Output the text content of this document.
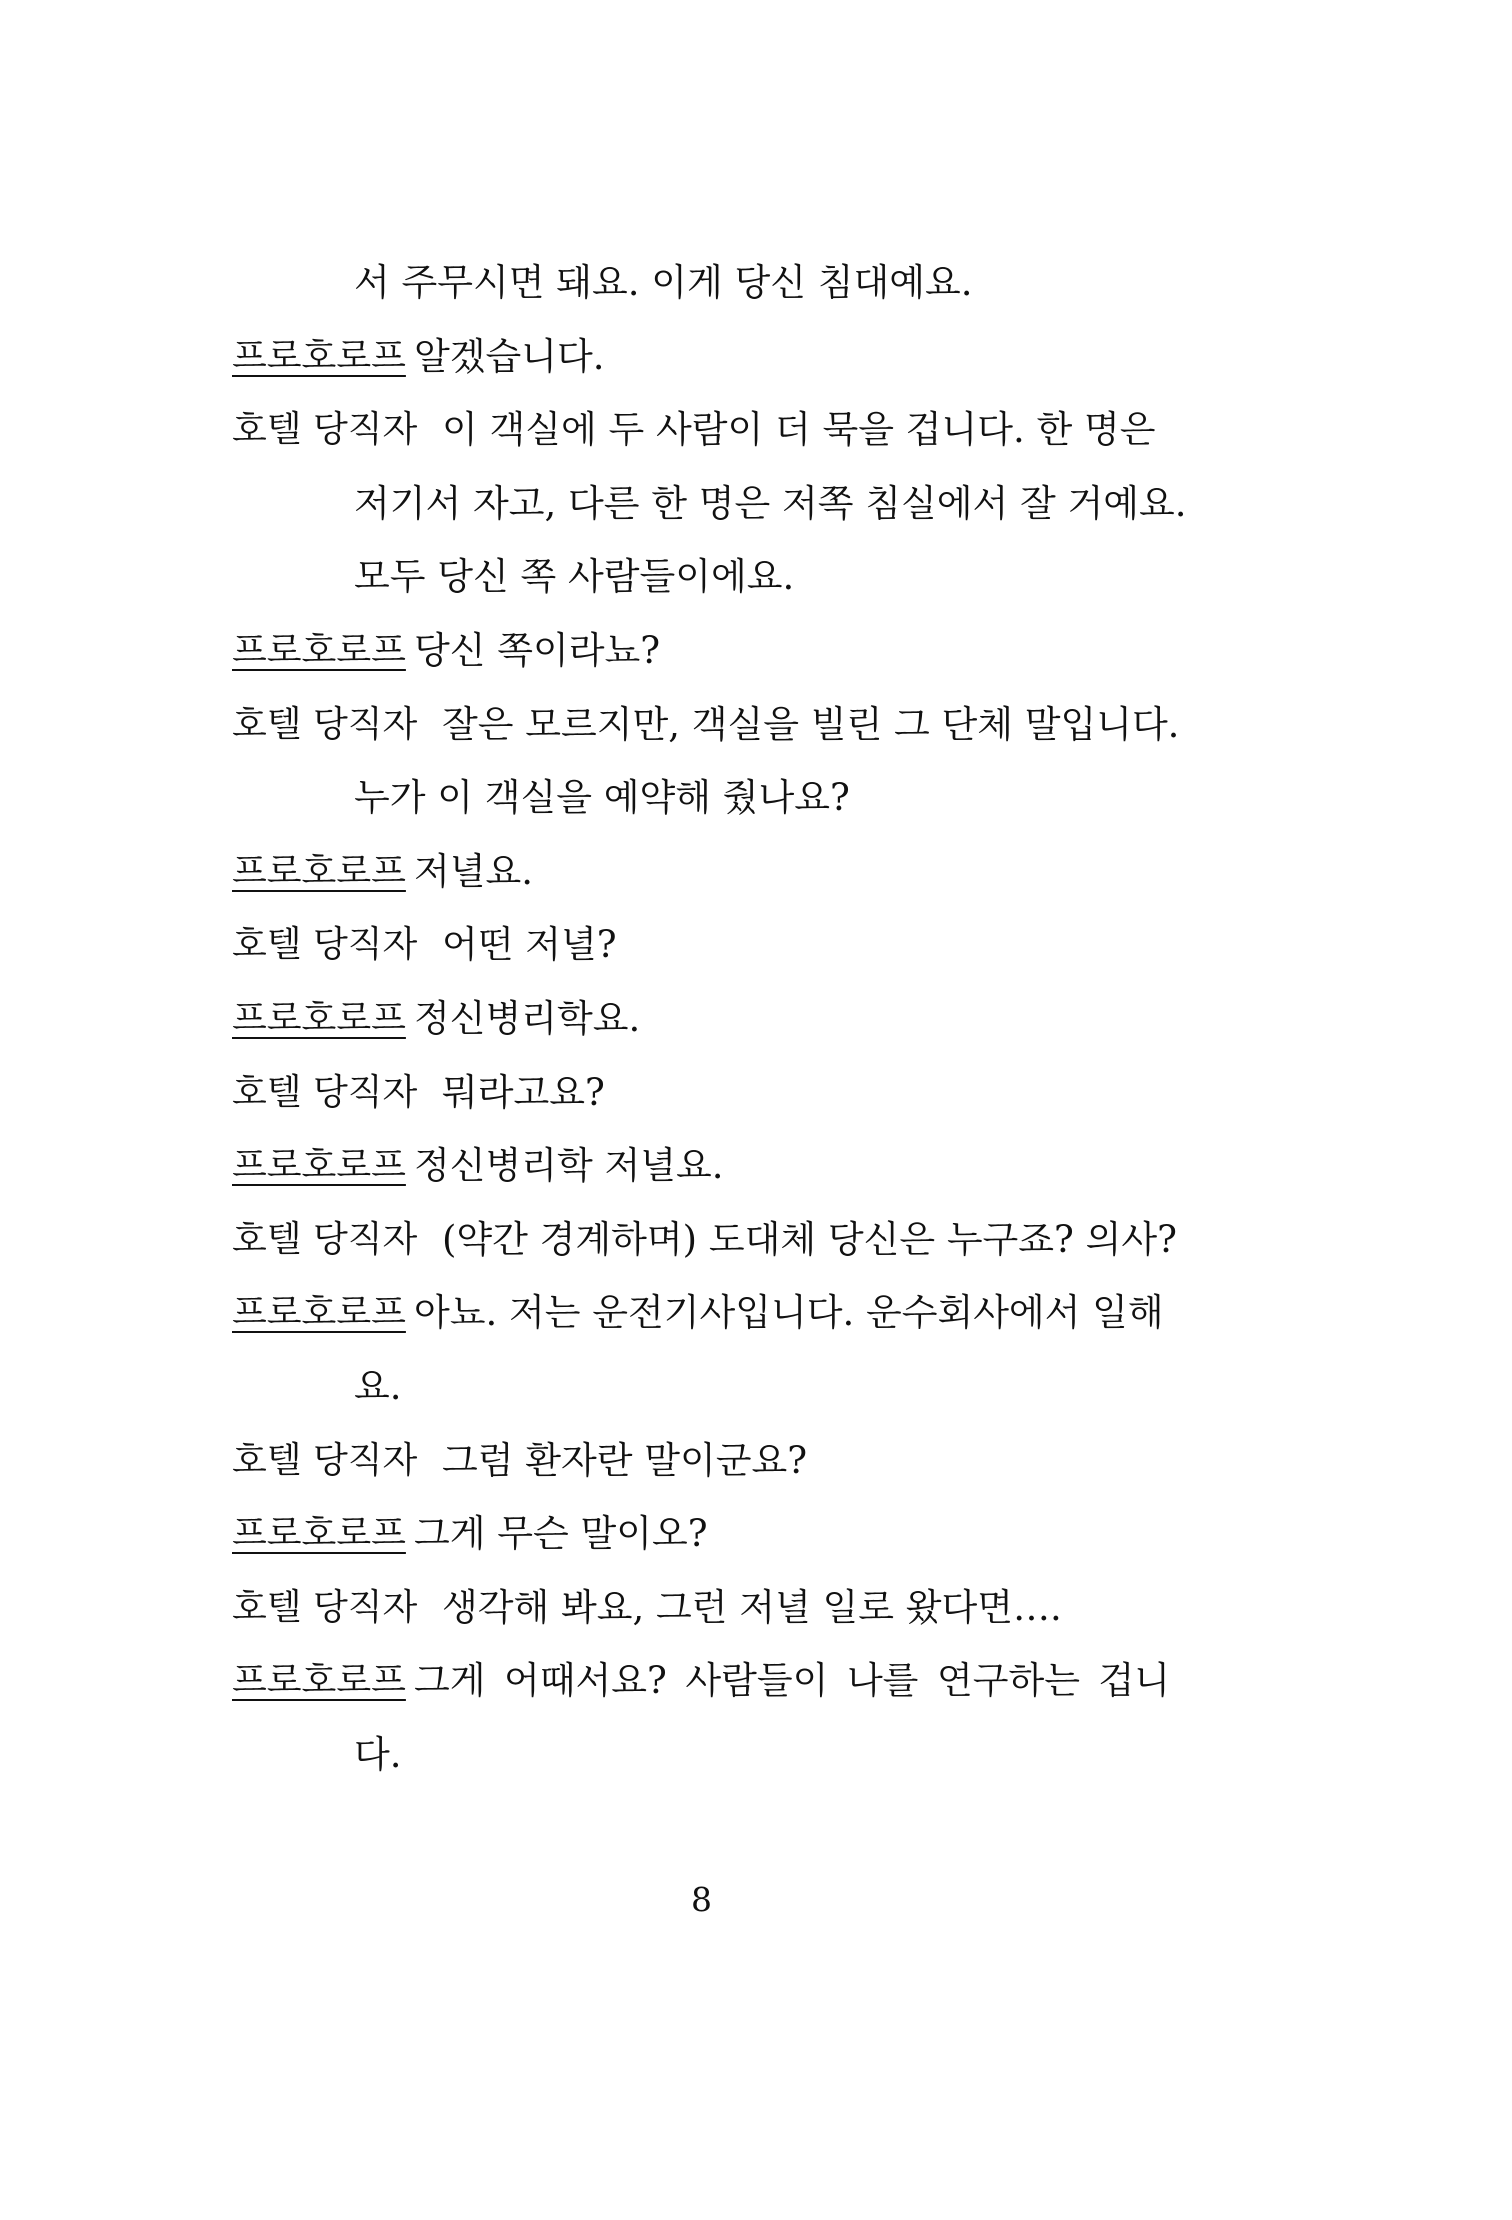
서 주무시면 돼요. 이게 당신 침대예요.
프로호로프 알겠습니다.
호텔 당직자 이 객실에 두 사람이 더 묵을 겁니다. 한 명은
저기서 자고, 다른 한 명은 저쪽 침실에서 잘 거예요.
모두 당신 쪽 사람들이에요.
프로호로프 당신 쪽이라뇨?
호텔 당직자 잘은 모르지만, 객실을 빌린 그 단체 말입니다.
누가 이 객실을 예약해 줬나요?
프로호로프 저녈요.
호텔 당직자 어떤 저녈?
프로호로프 정신병리학요.
호텔 당직자 뭐라고요?
프로호로프 정신병리학 저녈요.
호텔 당직자 (약간 경계하며) 도대체 당신은 누구죠? 의사?
프로호로프 아뇨. 저는 운전기사입니다. 운수회사에서 일해
요.
호텔 당직자 그럼 환자란 말이군요?
프로호로프 그게 무슨 말이오?
호텔 당직자 생각해 봐요, 그런 저녈 일로 왔다면….
프로호로프 그게 어때서요? 사람들이 나를 연구하는 겁니
다.
8
